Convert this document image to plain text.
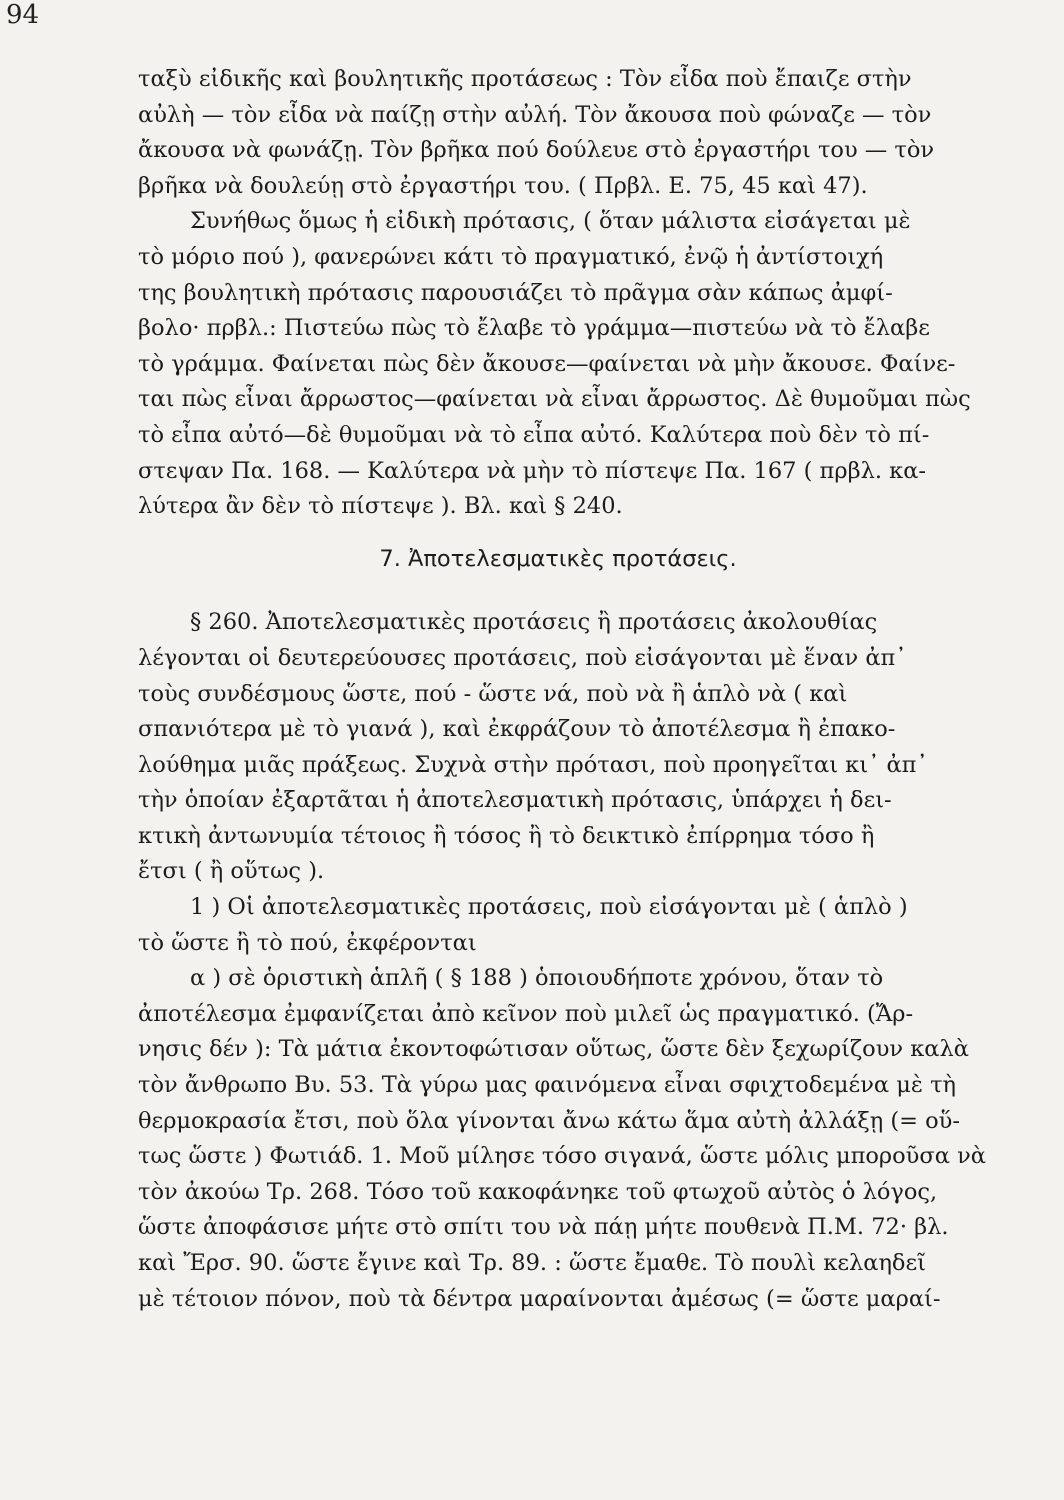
94
ταξὺ εἰδικῆς καὶ βουλητικῆς προτάσεως : Τὸν εἶδα ποὺ ἔπαιζε στὴν
αὐλὴ — τὸν εἶδα νὰ παίζῃ στὴν αὐλή. Τὸν ἄκουσα ποὺ φώναζε — τὸν
ἄκουσα νὰ φωνάζῃ. Τὸν βρῆκα πού δούλευε στὸ ἐργαστήρι του — τὸν
βρῆκα νὰ δουλεύῃ στὸ ἐργαστήρι του. ( Πρβλ. Ε. 75, 45 καὶ 47).
Συνήθως ὅμως ἡ εἰδικὴ πρότασις, ( ὅταν μάλιστα εἰσάγεται μὲ
τὸ μόριο πού ), φανερώνει κάτι τὸ πραγματικό, ἐνῷ ἡ ἀντίστοιχή
της βουλητικὴ πρότασις παρουσιάζει τὸ πρᾶγμα σὰν κάπως ἀμφί-
βολο· πρβλ.: Πιστεύω πὼς τὸ ἔλαβε τὸ γράμμα—πιστεύω νὰ τὸ ἔλαβε
τὸ γράμμα. Φαίνεται πὼς δὲν ἄκουσε—φαίνεται νὰ μὴν ἄκουσε. Φαίνε-
ται πὼς εἶναι ἄρρωστος—φαίνεται νὰ εἶναι ἄρρωστος. Δὲ θυμοῦμαι πὼς
τὸ εἶπα αὐτό—δὲ θυμοῦμαι νὰ τὸ εἶπα αὐτό. Καλύτερα ποὺ δὲν τὸ πί-
στεψαν Πα. 168. — Καλύτερα νὰ μὴν τὸ πίστεψε Πα. 167 ( πρβλ. κα-
λύτερα ἂν δὲν τὸ πίστεψε ). Βλ. καὶ § 240.
7. Ἀποτελεσματικὲς προτάσεις.
§ 260. Ἀποτελεσματικὲς προτάσεις ἢ προτάσεις ἀκολουθίας
λέγονται οἱ δευτερεύουσες προτάσεις, ποὺ εἰσάγονται μὲ ἕναν ἀπ᾽
τοὺς συνδέσμους ὥστε, πού - ὥστε νά, ποὺ νὰ ἢ ἁπλὸ νὰ ( καὶ
σπανιότερα μὲ τὸ γιανά ), καὶ ἐκφράζουν τὸ ἀποτέλεσμα ἢ ἐπακο-
λούθημα μιᾶς πράξεως. Συχνὰ στὴν πρότασι, ποὺ προηγεῖται κι᾽ ἀπ᾽
τὴν ὁποίαν ἐξαρτᾶται ἡ ἀποτελεσματικὴ πρότασις, ὑπάρχει ἡ δει-
κτικὴ ἀντωνυμία τέτοιος ἢ τόσος ἢ τὸ δεικτικὸ ἐπίρρημα τόσο ἢ
ἔτσι ( ἢ οὕτως ).
1 ) Οἱ ἀποτελεσματικὲς προτάσεις, ποὺ εἰσάγονται μὲ ( ἁπλὸ )
τὸ ὥστε ἢ τὸ πού, ἐκφέρονται
α ) σὲ ὁριστικὴ ἁπλῆ ( § 188 ) ὁποιουδήποτε χρόνου, ὅταν τὸ
ἀποτέλεσμα ἐμφανίζεται ἀπὸ κεῖνον ποὺ μιλεῖ ὡς πραγματικό. (Ἄρ-
νησις δέν ): Τὰ μάτια ἐκοντοφώτισαν οὕτως, ὥστε δὲν ξεχωρίζουν καλὰ
τὸν ἄνθρωπο Βυ. 53. Τὰ γύρω μας φαινόμενα εἶναι σφιχτοδεμένα μὲ τὴ
θερμοκρασία ἔτσι, ποὺ ὅλα γίνονται ἄνω κάτω ἅμα αὐτὴ ἀλλάξῃ (= οὕ-
τως ὥστε ) Φωτιάδ. 1. Μοῦ μίλησε τόσο σιγανά, ὥστε μόλις μποροῦσα νὰ
τὸν ἀκούω Τρ. 268. Τόσο τοῦ κακοφάνηκε τοῦ φτωχοῦ αὐτὸς ὁ λόγος,
ὥστε ἀποφάσισε μήτε στὸ σπίτι του νὰ πάῃ μήτε πουθενὰ Π.Μ. 72· βλ.
καὶ Ἔρσ. 90. ὥστε ἔγινε καὶ Τρ. 89. : ὥστε ἔμαθε. Τὸ πουλὶ κελαηδεῖ
μὲ τέτοιον πόνον, ποὺ τὰ δέντρα μαραίνονται ἀμέσως (= ὥστε μαραί-
